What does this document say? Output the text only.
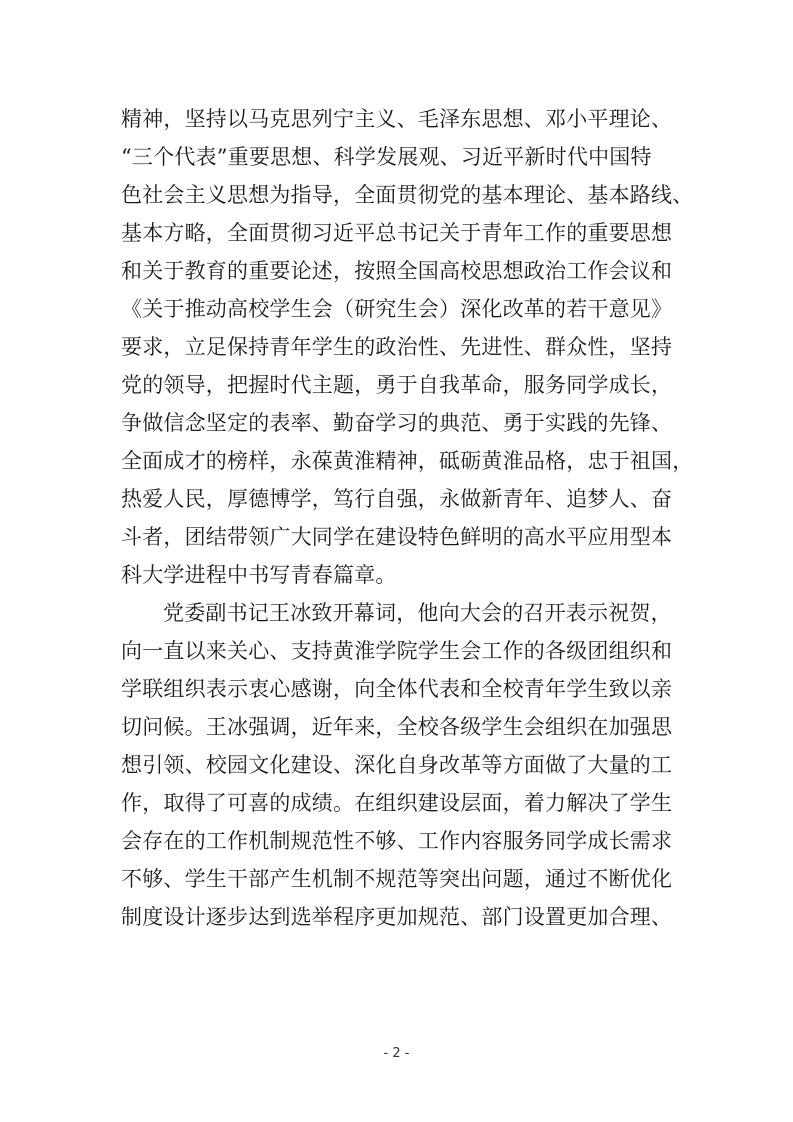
精神，坚持以马克思列宁主义、毛泽东思想、邓小平理论、
“三个代表”重要思想、科学发展观、习近平新时代中国特
色社会主义思想为指导，全面贯彻党的基本理论、基本路线、
基本方略，全面贯彻习近平总书记关于青年工作的重要思想
和关于教育的重要论述，按照全国高校思想政治工作会议和
《关于推动高校学生会（研究生会）深化改革的若干意见》
要求，立足保持青年学生的政治性、先进性、群众性，坚持
党的领导，把握时代主题，勇于自我革命，服务同学成长，
争做信念坚定的表率、勤奋学习的典范、勇于实践的先锋、
全面成才的榜样，永葆黄淮精神，砥砺黄淮品格，忠于祖国，
热爱人民，厚德博学，笃行自强，永做新青年、追梦人、奋
斗者，团结带领广大同学在建设特色鲜明的高水平应用型本
科大学进程中书写青春篇章。
党委副书记王冰致开幕词，他向大会的召开表示祝贺，
向一直以来关心、支持黄淮学院学生会工作的各级团组织和
学联组织表示衷心感谢，向全体代表和全校青年学生致以亲
切问候。王冰强调，近年来，全校各级学生会组织在加强思
想引领、校园文化建设、深化自身改革等方面做了大量的工
作，取得了可喜的成绩。在组织建设层面，着力解决了学生
会存在的工作机制规范性不够、工作内容服务同学成长需求
不够、学生干部产生机制不规范等突出问题，通过不断优化
制度设计逐步达到选举程序更加规范、部门设置更加合理、
- 2 -
